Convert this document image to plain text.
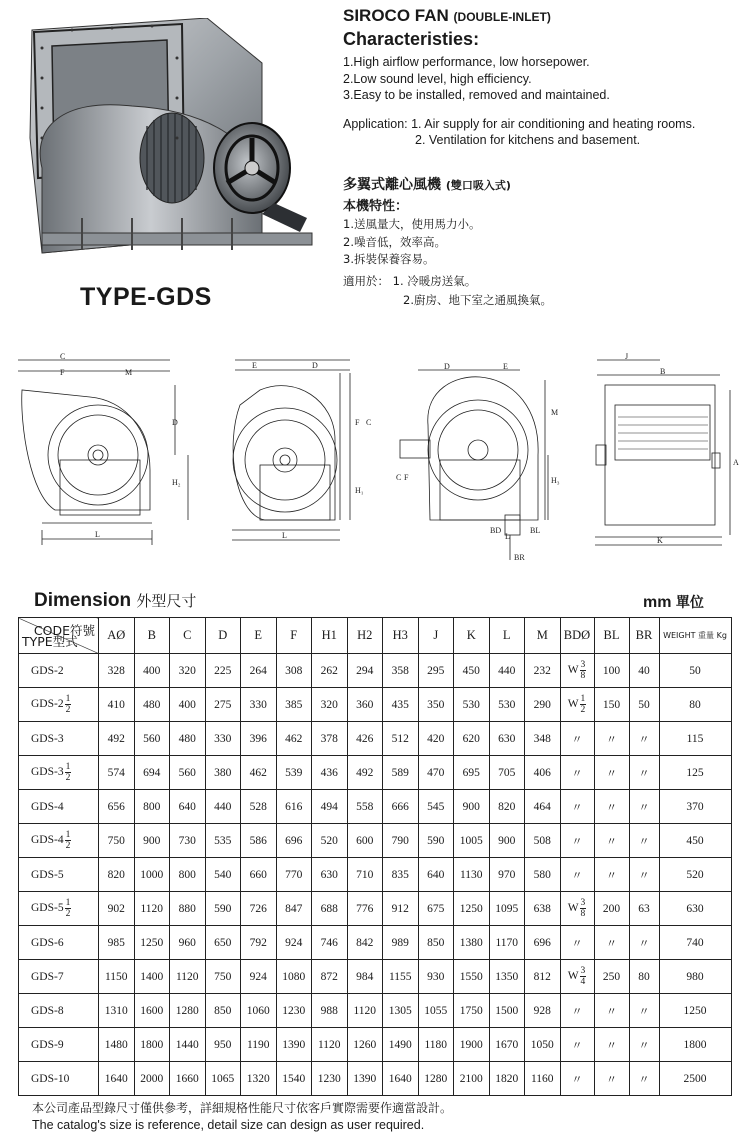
TYPE-GDS
SIROCO FAN (DOUBLE-INLET)
Characteristies:
1.High airflow performance, low horsepower.
2.Low sound level, high efficiency.
3.Easy to be installed, removed and maintained.
Application: 1. Air supply for air conditioning and heating rooms.
2. Ventilation for kitchens and basement.
多翼式離心風機 (雙口吸入式)
本機特性：
1.送風量大，使用馬力小。
2.噪音低，效率高。
3.拆裝保養容易。
適用於： 1. 冷暖房送氣。
2.廚房、地下室之通風換氣。
C
F	M
D
H₂
L
E	D
F C
H₁
L
D	E
M
C F	H₃
BD	BL
BR
L
J
B
A
K
Dimension 外型尺寸	mm 單位
CODE符號
TYPE型式	AØ	B	C	D	E	F	H1	H2	H3	J	K	L	M	BDØ	BL	BR	WEIGHT 重量 Kg
GDS-2	328	400	320	225	264	308	262	294	358	295	450	440	232	W $\frac{3}{8}$	100	40	50
$GDS-2 \frac{1}{2}$	410	480	400	275	330	385	320	360	435	350	530	530	290	W $\frac{1}{2}$	150	50	80
GDS-3	492	560	480	330	396	462	378	426	512	420	620	630	348	〃	〃	〃	115
$GDS-3 \frac{1}{2}$	574	694	560	380	462	539	436	492	589	470	695	705	406	〃	〃	〃	125
GDS-4	656	800	640	440	528	616	494	558	666	545	900	820	464	〃	〃	〃	370
$GDS-4 \frac{1}{2}$	750	900	730	535	586	696	520	600	790	590	1005	900	508	〃	〃	〃	450
GDS-5	820	1000	800	540	660	770	630	710	835	640	1130	970	580	〃	〃	〃	520
$GDS-5 \frac{1}{2}$	902	1120	880	590	726	847	688	776	912	675	1250	1095	638	W $\frac{3}{8}$	200	63	630
GDS-6	985	1250	960	650	792	924	746	842	989	850	1380	1170	696	〃	〃	〃	740
GDS-7	1150	1400	1120	750	924	1080	872	984	1155	930	1550	1350	812	W $\frac{3}{4}$	250	80	980
GDS-8	1310	1600	1280	850	1060	1230	988	1120	1305	1055	1750	1500	928	〃	〃	〃	1250
GDS-9	1480	1800	1440	950	1190	1390	1120	1260	1490	1180	1900	1670	1050	〃	〃	〃	1800
GDS-10	1640	2000	1660	1065	1320	1540	1230	1390	1640	1280	2100	1820	1160	〃	〃	〃	2500
本公司產品型錄尺寸僅供參考，詳細規格性能尺寸依客戶實際需要作適當設計。
The catalog's size is reference, detail size can design as user required.
